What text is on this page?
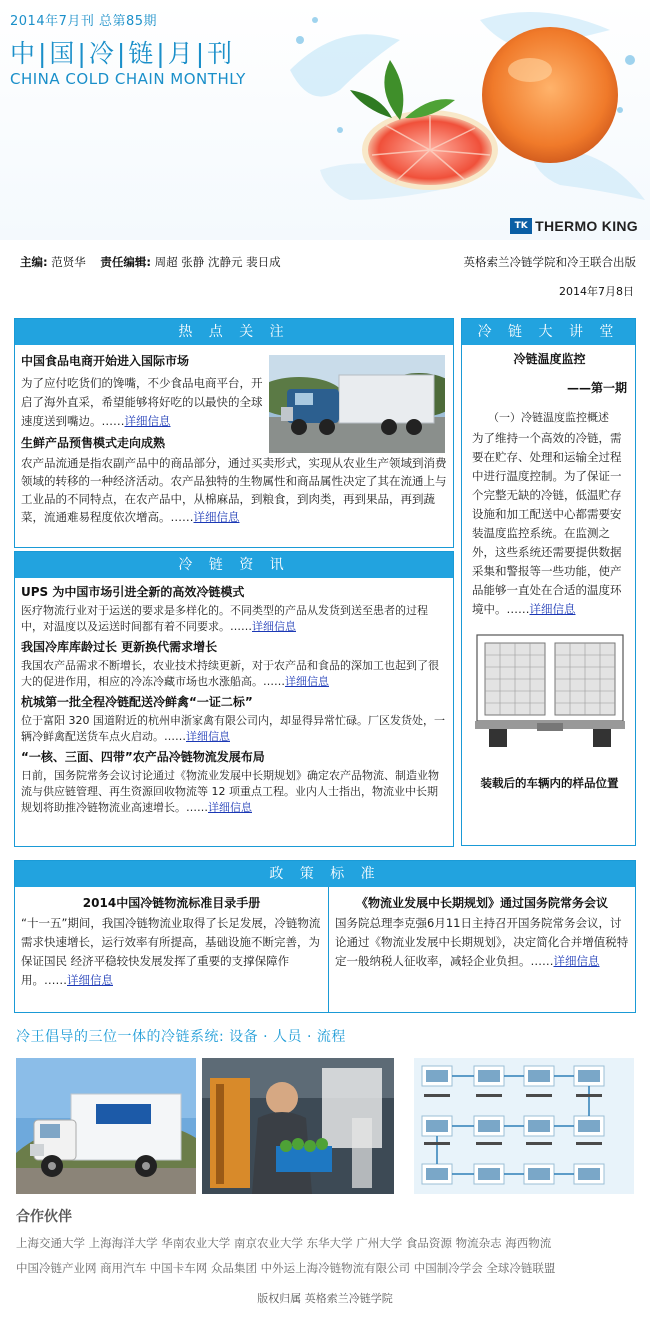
2014年7月刊 总第85期
中|国|冷|链|月|刊
CHINA COLD CHAIN MONTHLY
TK THERMO KING
主编: 范贤华 责任编辑: 周超 张静 沈静元 裴日成	英格索兰冷链学院和冷王联合出版
2014年7月8日
热 点 关 注
中国食品电商开始进入国际市场
为了应付吃货们的馋嘴，不少食品电商平台，开启了海外直采，希望能够将好吃的以最快的全球速度送到嘴边。……详细信息
生鲜产品预售模式走向成熟
农产品流通是指农副产品中的商品部分，通过买卖形式，实现从农业生产领域到消费领域的转移的一种经济活动。农产品独特的生物属性和商品属性决定了其在流通上与工业品的不同特点，在农产品中，从棉麻品，到粮食，到肉类，再到果品，再到蔬菜，流通难易程度依次增高。……详细信息
冷 链 资 讯
UPS 为中国市场引进全新的高效冷链模式
医疗物流行业对于运送的要求是多样化的。不同类型的产品从发货到送至患者的过程中，对温度以及运送时间都有着不同要求。……详细信息
我国冷库库龄过长 更新换代需求增长
我国农产品需求不断增长，农业技术持续更新，对于农产品和食品的深加工也起到了很大的促进作用，相应的冷冻冷藏市场也水涨船高。……详细信息
杭城第一批全程冷链配送冷鲜禽“一证二标”
位于富阳 320 国道附近的杭州申浙家禽有限公司内，却显得异常忙碌。厂区发货处，一辆冷鲜禽配送货车点火启动。……详细信息
“一核、三面、四带”农产品冷链物流发展布局
日前，国务院常务会议讨论通过《物流业发展中长期规划》确定农产品物流、制造业物流与供应链管理、再生资源回收物流等 12 项重点工程。业内人士指出，物流业中长期规划将助推冷链物流业高速增长。……详细信息
冷 链 大 讲 堂
冷链温度监控
——第一期
（一）冷链温度监控概述
为了维持一个高效的冷链，需要在贮存、处理和运输全过程中进行温度控制。为了保证一个完整无缺的冷链，低温贮存设施和加工配送中心都需要安装温度监控系统。在监测之外，这些系统还需要提供数据采集和警报等一些功能，使产品能够一直处在合适的温度环境中。……详细信息
装载后的车辆内的样品位置
政 策 标 准
2014中国冷链物流标准目录手册
“十一五”期间，我国冷链物流业取得了长足发展，冷链物流需求快速增长，运行效率有所提高，基础设施不断完善，为保证国民 经济平稳较快发展发挥了重要的支撑保障作用。……详细信息
《物流业发展中长期规划》通过国务院常务会议
国务院总理李克强6月11日主持召开国务院常务会议，讨论通过《物流业发展中长期规划》，决定简化合并增值税特定一般纳税人征收率，减轻企业负担。……详细信息
冷王倡导的三位一体的冷链系统: 设备 · 人员 · 流程
合作伙伴
上海交通大学 上海海洋大学 华南农业大学 南京农业大学 东华大学 广州大学 食品资源 物流杂志 海西物流
中国冷链产业网 商用汽车 中国卡车网 众品集团 中外运上海冷链物流有限公司 中国制冷学会 全球冷链联盟
版权归属 英格索兰冷链学院
